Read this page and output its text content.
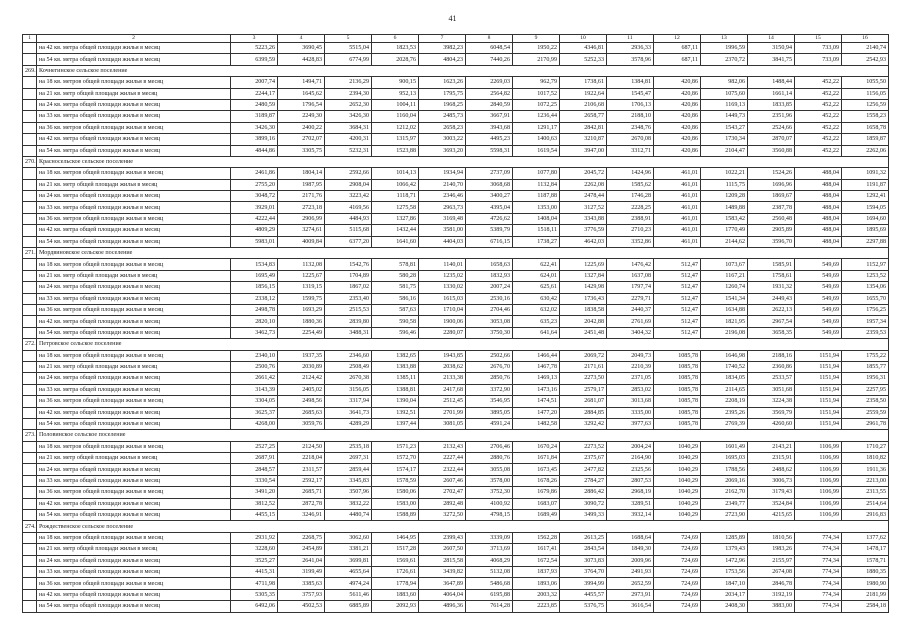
41
1	2	3	4	5	6	7	8	9	10	11	12	13	14	15	16
	на 42 кв. метра общей площади жилья в месяц	5223,26	3690,45	5515,04	1823,53	3982,23	6048,54	1950,22	4346,81	2936,33	687,11	1996,59	3150,94	733,09	2140,74
	на 54 кв. метра общей площади жилья в месяц	6399,59	4428,83	6774,99	2028,76	4804,23	7440,26	2170,99	5252,33	3578,96	687,11	2370,72	3841,75	733,09	2542,93
269.	Кочнегинское сельское поселение														
	на 18 кв. метров общей площади жилья в месяц	2007,74	1494,71	2136,29	900,15	1623,26	2269,03	962,79	1738,61	1384,81	420,86	982,06	1488,44	452,22	1055,50
	на 21 кв. метр общей площади жилья в месяц	2244,17	1645,62	2394,30	952,13	1795,75	2564,82	1017,52	1922,64	1545,47	420,86	1075,60	1661,14	452,22	1156,05
	на 24 кв. метра общей площади жилья в месяц	2480,59	1796,54	2652,30	1004,11	1968,25	2840,59	1072,25	2106,68	1706,13	420,86	1169,13	1833,85	452,22	1256,59
	на 33 кв. метра общей площади жилья в месяц	3189,87	2249,30	3426,30	1160,04	2485,73	3667,91	1236,44	2658,77	2188,10	420,86	1449,73	2351,96	452,22	1558,23
	на 36 кв. метров общей площади жилья в месяц	3426,30	2400,22	3684,31	1212,02	2658,23	3943,68	1291,17	2842,81	2348,76	420,86	1543,27	2524,66	452,22	1658,78
	на 42 кв. метра общей площади жилья в месяц	3899,16	2702,07	4200,31	1315,97	3003,22	4495,23	1400,63	3210,87	2670,08	420,86	1730,34	2870,07	452,22	1859,87
	на 54 кв. метра общей площади жилья в месяц	4844,86	3305,75	5232,31	1523,88	3693,20	5598,31	1619,54	3947,00	3312,71	420,86	2104,47	3560,88	452,22	2262,06
270.	Красносельское сельское поселение														
	на 18 кв. метров общей площади жилья в месяц	2461,86	1804,14	2592,66	1014,13	1934,94	2737,09	1077,80	2045,72	1424,96	461,01	1022,21	1524,26	488,04	1091,32
	на 21 кв. метр общей площади жилья в месяц	2755,20	1987,95	2908,04	1066,42	2140,70	3068,68	1132,84	2262,08	1585,62	461,01	1115,75	1696,96	488,04	1191,87
	на 24 кв. метра общей площади жилья в месяц	3048,72	2171,76	3223,42	1118,71	2346,46	3400,27	1187,88	2478,44	1746,28	461,01	1209,28	1869,67	488,04	1292,41
	на 33 кв. метра общей площади жилья в месяц	3929,01	2723,18	4169,56	1275,58	2963,73	4395,04	1353,00	3127,52	2228,25	461,01	1489,88	2387,78	488,04	1594,05
	на 36 кв. метров общей площади жилья в месяц	4222,44	2906,99	4484,93	1327,86	3169,48	4726,62	1408,04	3343,88	2388,91	461,01	1583,42	2560,48	488,04	1694,60
	на 42 кв. метра общей площади жилья в месяц	4809,29	3274,61	5115,68	1432,44	3581,00	5389,79	1518,11	3776,59	2710,23	461,01	1770,49	2905,89	488,04	1895,69
	на 54 кв. метра общей площади жилья в месяц	5983,01	4009,84	6377,20	1641,60	4404,03	6716,15	1738,27	4642,03	3352,86	461,01	2144,62	3596,70	488,04	2297,88
271.	Мордвиновское сельское поселение														
	на 18 кв. метров общей площади жилья в месяц	1534,83	1132,08	1542,76	578,81	1140,01	1658,63	622,41	1225,69	1476,42	512,47	1073,67	1585,91	549,69	1152,97
	на 21 кв. метр общей площади жилья в месяц	1695,49	1225,67	1704,89	580,28	1235,02	1832,93	624,01	1327,84	1637,08	512,47	1167,21	1758,61	549,69	1253,52
	на 24 кв. метра общей площади жилья в месяц	1856,15	1319,15	1867,02	581,75	1330,02	2007,24	625,61	1429,98	1797,74	512,47	1260,74	1931,32	549,69	1354,06
	на 33 кв. метра общей площади жилья в месяц	2338,12	1599,75	2353,40	586,16	1615,03	2530,16	630,42	1736,43	2279,71	512,47	1541,34	2449,43	549,69	1655,70
	на 36 кв. метров общей площади жилья в месяц	2498,78	1693,29	2515,53	587,63	1710,04	2704,46	632,02	1838,58	2440,37	512,47	1634,88	2622,13	549,69	1756,25
	на 42 кв. метра общей площади жилья в месяц	2820,10	1880,36	2839,80	590,58	1900,06	3053,08	635,23	2042,88	2761,69	512,47	1821,95	2967,54	549,69	1957,34
	на 54 кв. метра общей площади жилья в месяц	3462,73	2254,49	3488,31	596,46	2280,07	3750,30	641,64	2451,48	3404,32	512,47	2196,08	3658,35	549,69	2359,53
272.	Петровское сельское поселение														
	на 18 кв. метров общей площади жилья в месяц	2340,10	1937,35	2346,60	1382,65	1943,85	2502,66	1466,44	2069,72	2049,73	1085,78	1646,98	2188,16	1151,94	1755,22
	на 21 кв. метр общей площади жилья в месяц	2500,76	2030,89	2508,49	1383,88	2038,62	2676,70	1467,78	2171,61	2210,39	1085,78	1740,52	2360,86	1151,94	1855,77
	на 24 кв. метра общей площади жилья в месяц	2661,42	2124,42	2670,38	1385,11	2133,38	2850,76	1469,13	2273,50	2371,05	1085,78	1834,05	2533,57	1151,94	1956,31
	на 33 кв. метра общей площади жилья в месяц	3143,39	2405,02	3156,05	1388,81	2417,68	3372,90	1473,16	2579,17	2853,02	1085,78	2114,65	3051,68	1151,94	2257,95
	на 36 кв. метров общей площади жилья в месяц	3304,05	2498,56	3317,94	1390,04	2512,45	3546,95	1474,51	2681,07	3013,68	1085,78	2208,19	3224,38	1151,94	2358,50
	на 42 кв. метра общей площади жилья в месяц	3625,37	2685,63	3641,73	1392,51	2701,99	3895,05	1477,20	2884,85	3335,00	1085,78	2395,26	3569,79	1151,94	2559,59
	на 54 кв. метра общей площади жилья в месяц	4268,00	3059,76	4289,29	1397,44	3081,05	4591,24	1482,58	3292,42	3977,63	1085,78	2769,39	4260,60	1151,94	2961,78
273.	Половинское сельское поселение														
	на 18 кв. метров общей площади жилья в месяц	2527,25	2124,50	2535,18	1571,23	2132,43	2706,46	1670,24	2273,52	2004,24	1040,29	1601,49	2143,21	1106,99	1710,27
	на 21 кв. метр общей площади жилья в месяц	2687,91	2218,04	2697,31	1572,70	2227,44	2880,76	1671,84	2375,67	2164,90	1040,29	1695,03	2315,91	1106,99	1810,82
	на 24 кв. метра общей площади жилья в месяц	2848,57	2311,57	2859,44	1574,17	2322,44	3055,08	1673,45	2477,82	2325,56	1040,29	1788,56	2488,62	1106,99	1911,36
	на 33 кв. метра общей площади жилья в месяц	3330,54	2592,17	3345,83	1578,59	2607,46	3578,00	1678,26	2784,27	2807,53	1040,29	2069,16	3006,73	1106,99	2213,00
	на 36 кв. метров общей площади жилья в месяц	3491,20	2685,71	3507,96	1580,06	2702,47	3752,30	1679,86	2886,42	2968,19	1040,29	2162,70	3179,43	1106,99	2313,55
	на 42 кв. метра общей площади жилья в месяц	3812,52	2872,78	3832,22	1583,00	2892,48	4100,92	1683,07	3090,72	3289,51	1040,29	2349,77	3524,84	1106,99	2514,64
	на 54 кв. метра общей площади жилья в месяц	4455,15	3246,91	4480,74	1588,89	3272,50	4798,15	1689,49	3499,33	3932,14	1040,29	2723,90	4215,65	1106,99	2916,83
274.	Рождественское сельское поселение														
	на 18 кв. метров общей площади жилья в месяц	2931,92	2268,75	3062,60	1464,95	2399,43	3339,09	1562,28	2613,25	1688,64	724,69	1285,89	1810,56	774,34	1377,62
	на 21 кв. метр общей площади жилья в месяц	3228,60	2454,89	3381,21	1517,28	2607,50	3713,69	1617,41	2843,54	1849,30	724,69	1379,43	1983,26	774,34	1478,17
	на 24 кв. метра общей площади жилья в месяц	3525,27	2641,04	3699,81	1569,61	2815,58	4068,29	1672,54	3073,83	2009,96	724,69	1472,96	2155,97	774,34	1578,71
	на 33 кв. метра общей площади жилья в месяц	4415,31	3199,49	4655,64	1726,61	3439,82	5132,08	1837,93	3764,70	2491,93	724,69	1753,56	2674,08	774,34	1880,35
	на 36 кв. метров общей площади жилья в месяц	4711,98	3385,63	4974,24	1778,94	3647,89	5486,68	1893,06	3994,99	2652,59	724,69	1847,10	2846,78	774,34	1980,90
	на 42 кв. метра общей площади жилья в месяц	5305,35	3757,93	5611,46	1883,60	4064,04	6195,88	2003,32	4455,57	2973,91	724,69	2034,17	3192,19	774,34	2181,99
	на 54 кв. метра общей площади жилья в месяц	6492,06	4502,53	6885,89	2092,93	4896,36	7614,28	2223,85	5376,75	3616,54	724,69	2408,30	3883,00	774,34	2584,18
